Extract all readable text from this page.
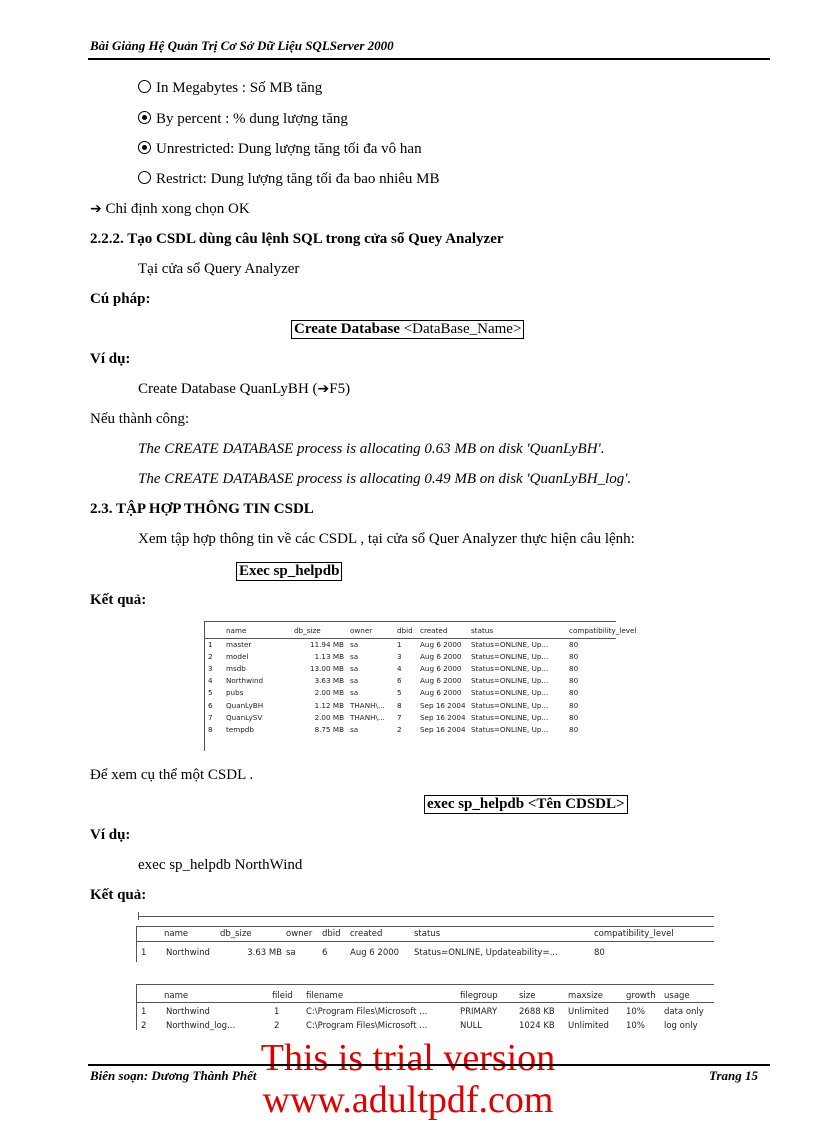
Bài Giảng Hệ Quản Trị Cơ Sở Dữ Liệu SQLServer 2000
In Megabytes : Số MB tăng
By percent : % dung lượng tăng
Unrestricted: Dung lượng tăng tối đa vô han
Restrict: Dung lượng tăng tối đa bao nhiêu MB
➔ Chỉ định xong chọn OK
2.2.2. Tạo CSDL dùng câu lệnh SQL trong cửa sổ Quey Analyzer
Tại cửa sổ Query Analyzer
Cú pháp:
Create Database <DataBase_Name>
Ví dụ:
Create Database QuanLyBH (➔F5)
Nếu thành công:
The CREATE DATABASE process is allocating 0.63 MB on disk 'QuanLyBH'.
The CREATE DATABASE process is allocating 0.49 MB on disk 'QuanLyBH_log'.
2.3. TẬP HỢP THÔNG TIN CSDL
Xem tập hợp thông tin về các CSDL , tại cửa sổ Quer Analyzer thực hiện câu lệnh:
Exec sp_helpdb
Kết quả:
name	db_size	owner	dbid created	status	compatibility_level
1 master	11.94 MB sa	1	Aug 6 2000 Status=ONLINE, Up...	80
2 model	1.13 MB sa	3	Aug 6 2000 Status=ONLINE, Up...	80
3 msdb	13.00 MB sa	4	Aug 6 2000 Status=ONLINE, Up...	80
4 Northwind	3.63 MB sa	6	Aug 6 2000 Status=ONLINE, Up...	80
5 pubs	2.00 MB sa	5	Aug 6 2000 Status=ONLINE, Up...	80
6 QuanLyBH	1.12 MB THANH\... 8	Sep 16 2004 Status=ONLINE, Up...	80
7 QuanLySV	2.00 MB THANH\... 7	Sep 16 2004 Status=ONLINE, Up...	80
8 tempdb	8.75 MB sa	2	Sep 16 2004 Status=ONLINE, Up...	80
Để xem cụ thể một CSDL .
exec sp_helpdb <Tên CDSDL>
Ví dụ:
exec sp_helpdb NorthWind
Kết quả:
name	db_size	owner dbid created	status	compatibility_level
1 Northwind	3.63 MB sa	6	Aug 6 2000 Status=ONLINE, Updateability=...	80
name	fileid filename	filegroup	size	maxsize	growth usage
1 Northwind	1	C:\Program Files\Microsoft ...	PRIMARY	2688 KB Unlimited 10% data only
2 Northwind_log...	2	C:\Program Files\Microsoft ...	NULL	1024 KB Unlimited 10% log only
This is trial version
Biên soạn: Dương Thành Phết	Trang 15
www.adultpdf.com
